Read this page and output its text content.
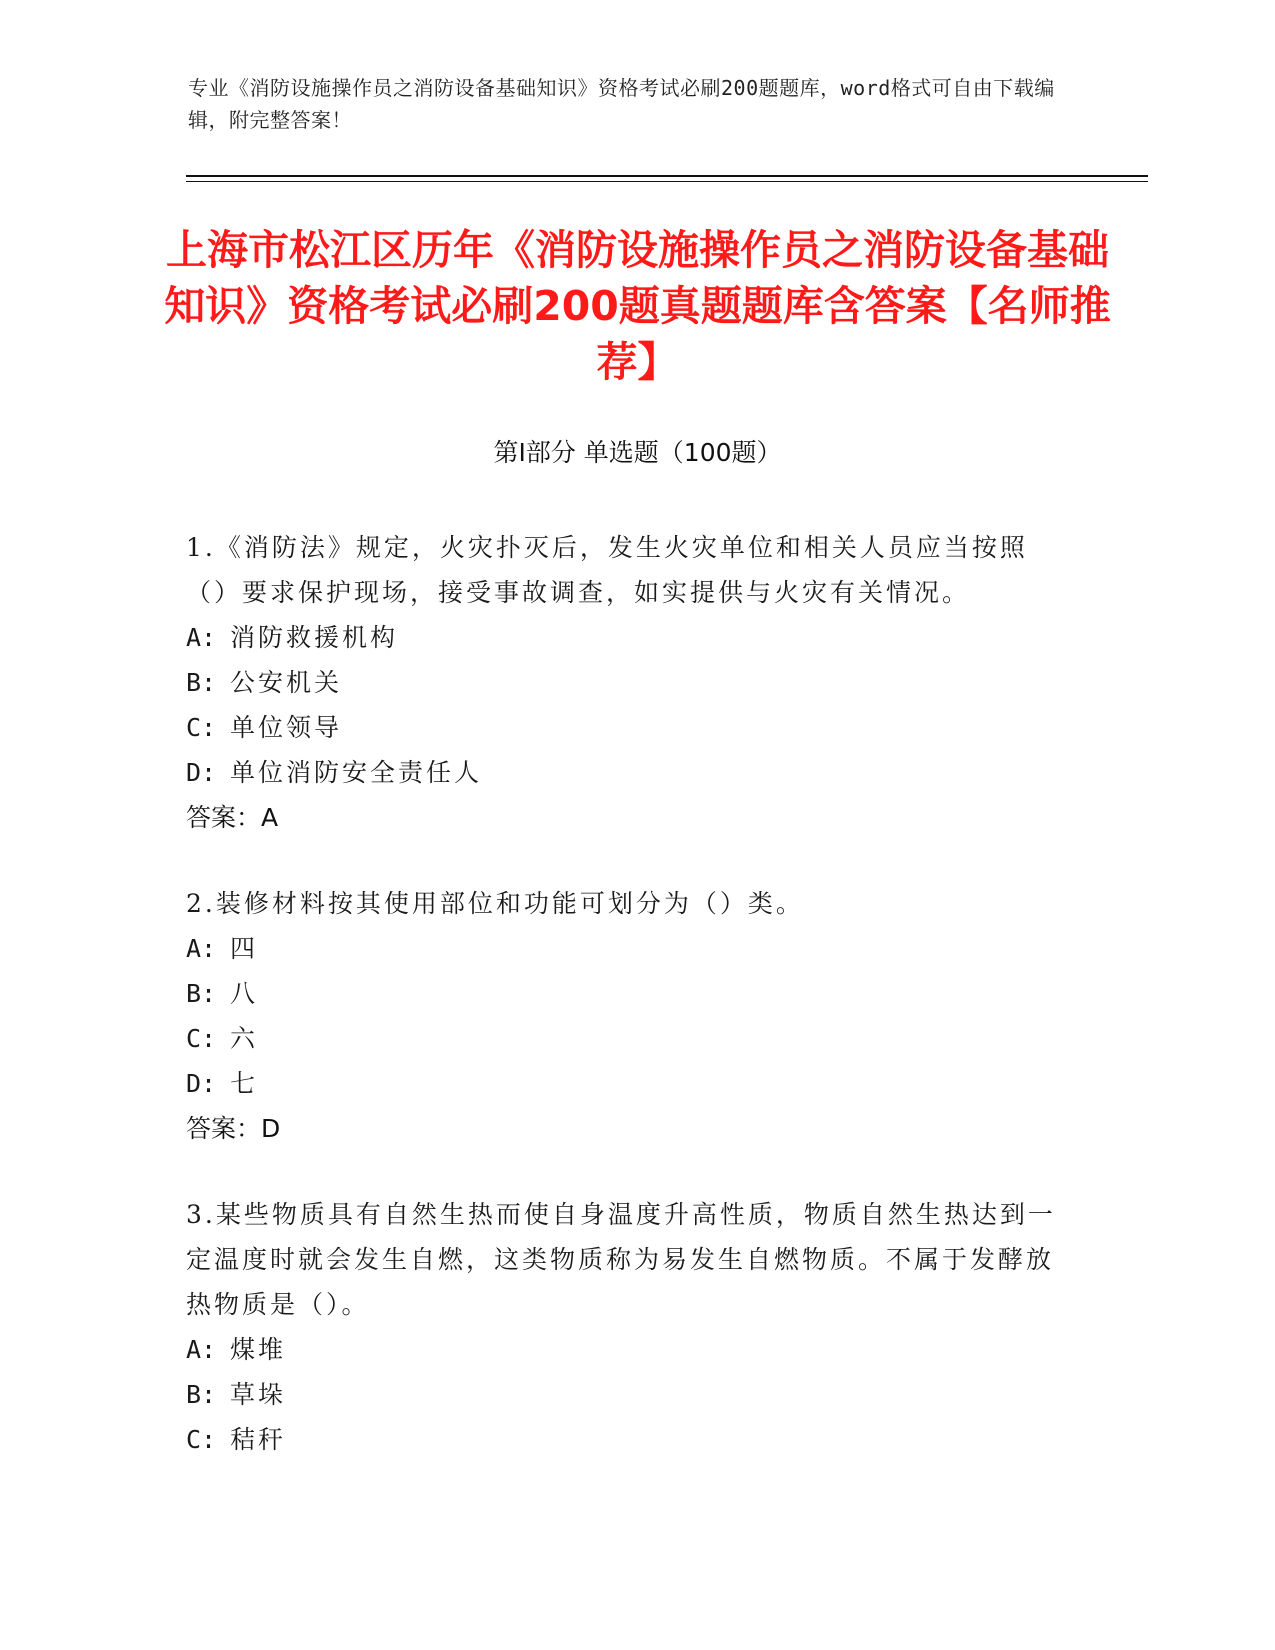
专业《消防设施操作员之消防设备基础知识》资格考试必刷200题题库，word格式可自由下载编辑，附完整答案！
上海市松江区历年《消防设施操作员之消防设备基础知识》资格考试必刷200题真题题库含答案【名师推荐】
第I部分 单选题（100题）
1.《消防法》规定，火灾扑灭后，发生火灾单位和相关人员应当按照（）要求保护现场，接受事故调查，如实提供与火灾有关情况。
A: 消防救援机构
B: 公安机关
C: 单位领导
D: 单位消防安全责任人
答案：A
2.装修材料按其使用部位和功能可划分为（）类。
A: 四
B: 八
C: 六
D: 七
答案：D
3.某些物质具有自然生热而使自身温度升高性质，物质自然生热达到一定温度时就会发生自燃，这类物质称为易发生自燃物质。不属于发酵放热物质是（）。
A: 煤堆
B: 草垛
C: 秸秆
